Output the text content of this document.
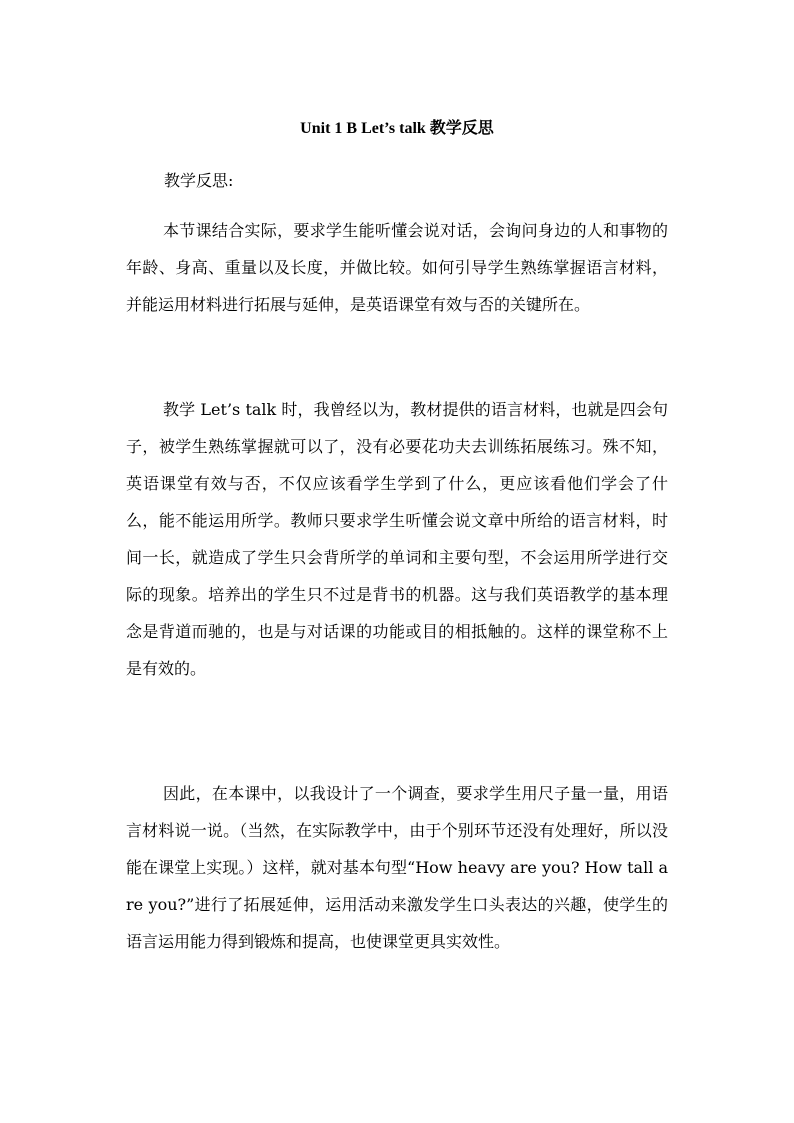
Unit 1 B Let’s talk 教学反思

教学反思:

本节课结合实际，要求学生能听懂会说对话，会询问身边的人和事物的年龄、身高、重量以及长度，并做比较。如何引导学生熟练掌握语言材料，并能运用材料进行拓展与延伸，是英语课堂有效与否的关键所在。

教学 Let’s talk 时，我曾经以为，教材提供的语言材料，也就是四会句子，被学生熟练掌握就可以了，没有必要花功夫去训练拓展练习。殊不知，英语课堂有效与否，不仅应该看学生学到了什么，更应该看他们学会了什么，能不能运用所学。教师只要求学生听懂会说文章中所给的语言材料，时间一长，就造成了学生只会背所学的单词和主要句型，不会运用所学进行交际的现象。培养出的学生只不过是背书的机器。这与我们英语教学的基本理念是背道而驰的，也是与对话课的功能或目的相抵触的。这样的课堂称不上是有效的。

因此，在本课中，以我设计了一个调查，要求学生用尺子量一量，用语言材料说一说。（当然，在实际教学中，由于个别环节还没有处理好，所以没能在课堂上实现。）这样，就对基本句型“How heavy are you? How tall are you?”进行了拓展延伸，运用活动来激发学生口头表达的兴趣，使学生的语言运用能力得到锻炼和提高，也使课堂更具实效性。
